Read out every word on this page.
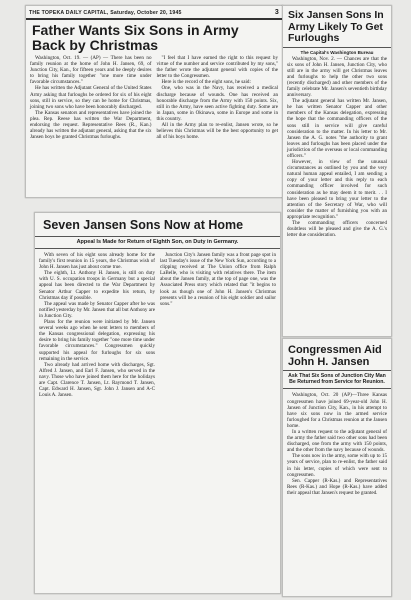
THE TOPEKA DAILY CAPITAL, Saturday, October 20, 1945	3
Father Wants Six Sons in Army Back by Christmas

Washington, Oct. 19. — (AP) — There has been no family reunion at the home of John H. Jansen, 69, of Junction City, Kan., for fifteen years and he deeply desires to bring his family together "one more time under favorable circumstances."

He has written the Adjutant General of the United States Army asking that furloughs be ordered for six of his eight sons, still in service, so they can be home for Christmas, joining two sons who have been honorably discharged.

The Kansas senators and representatives have joined the plea. Rep. Reese has written the War Department, endorsing the request. Representative Rees (R., Kan.) already has written the adjutant general, asking that the six Jansen boys be granted Christmas furloughs.

"I feel that I have earned the right to this request by virtue of the number and service contributed by my sons," the father wrote the adjutant general with copies of the letter to the Congressmen.

Here is the record of the eight sons, he said:

One, who was in the Navy, has received a medical discharge because of wounds. One has received an honorable discharge from the Army with 150 points. Six, still in the Army, have seen active fighting duty. Some are in Japan, some in Okinawa, some in Europe and some in this country.

All in the Army plan to re-enlist, Jansen wrote, so he believes this Christmas will be the best opportunity to get all of his boys home.

Six Jansen Sons In Army Likely To Get Furloughs
The Capital's Washington Bureau

Washington, Nov. 2. — Chances are that the six sons of John H. Jansen, Junction City, who still are in the army will get Christmas leaves and furloughs to help the other two sons (recently discharged) and other members of the family celebrate Mr. Jansen's seventieth birthday anniversary.

The adjutant general has written Mr. Jansen, he has written Senator Capper and other members of the Kansas delegation, expressing the hope that the commanding officers of the sons still in service will give careful consideration to the matter. In his letter to Mr. Jansen the A. G. notes "the authority to grant leaves and furloughs has been placed under the jurisdiction of the overseas or local commanding officers."

However, in view of the unusual circumstances as outlined by you and the very natural human appeal entailed, I am sending a copy of your letter and this reply to each commanding officer involved for such consideration as he may deem it to merit. . . I have been pleased to bring your letter to the attention of the Secretary of War, who will consider the matter of furnishing you with an appropriate recognition."

The commanding officers concerned doubtless will be pleased and give the A. G.'s letter due consideration.

Seven Jansen Sons Now at Home
Appeal Is Made for Return of Eighth Son, on Duty in Germany.

With seven of his eight sons already home for the family's first reunion in 15 years, the Christmas wish of John H. Jansen has just about come true.

The eighth, Lt. Anthony H. Jansen, is still on duty with U. S. occupation troops in Germany but a special appeal has been directed to the War Department by Senator Arthur Capper to expedite his return, by Christmas day if possible.

The appeal was made by Senator Capper after he was notified yesterday by Mr. Jansen that all but Anthony are in Junction City.

Plans for the reunion were initiated by Mr. Jansen several weeks ago when he sent letters to members of the Kansas congressional delegation, expressing his desire to bring his family together "one more time under favorable circumstances." Congressmen quickly supported his appeal for furloughs for six sons remaining in the service.

Two already had arrived home with discharges, Sgt. Alfred J. Jansen, and Earl F. Jansen, who served in the navy. Those who have joined them here for the holidays are Capt. Clarence T. Jansen, Lt. Raymond T. Jansen, Capt. Edward H. Jansen, Sgt. John J. Jansen and A-C Louis A. Jansen.

Junction City's Jansen family was a front page spot in last Tuesday's issue of the New York Sun, according to a clipping received at The Union office from Ralph LaBelle, who is visiting with relatives there. The item about the Jansen family, at the top of page one, was the Associated Press story which related that "it begins to look as though one of John H. Jansen's Christmas presents will be a reunion of his eight soldier and sailor sons."

Congressmen Aid John H. Jansen
Ask That Six Sons of Junction City Man Be Returned from Service for Reunion.

Washington, Oct. 20 (AP)—Three Kansas congressmen have joined 69-year-old John H. Jansen of Junction City, Kan., in his attempt to have six sons now in the armed service furloughed for a Christmas reunion at the Jansen home.

In a written request to the adjutant general of the army the father said two other sons had been discharged, one from the army with 150 points, and the other from the navy because of wounds.

The sons now in the army, some with up to 15 years of service, plan to re-enlist, the father said in his letter, copies of which were sent to congressmen.

Sen. Capper (R-Kas.) and Representatives Rees (R-Kas.) and Hope (R-Kas.) have added their appeal that Jansen's request be granted.
